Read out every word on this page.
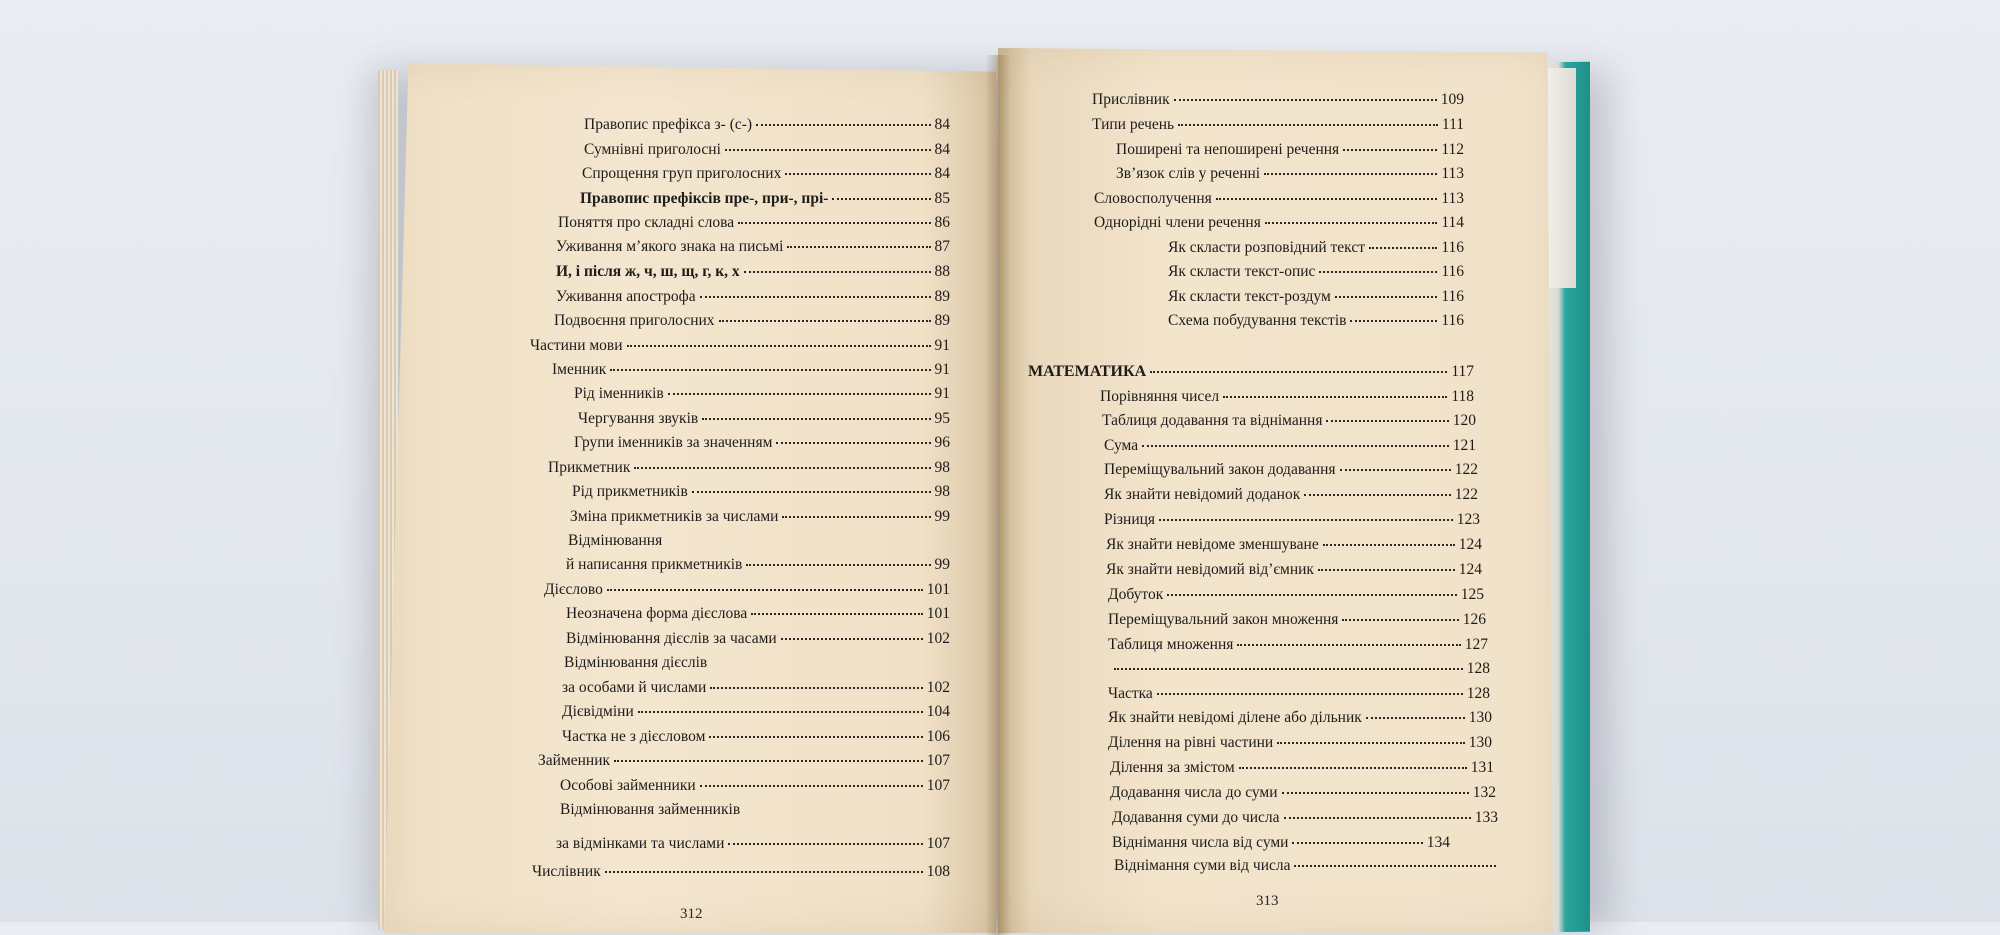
Правопис префікса з- (с-)	84
Сумнівні приголосні	84
Спрощення груп приголосних	84
Правопис префіксів пре-, при-, прі-	85
Поняття про складні слова	86
Уживання м’якого знака на письмі	87
И, і після ж, ч, ш, щ, г, к, х	88
Уживання апострофа	89
Подвоєння приголосних	89
Частини мови	91
Іменник	91
Рід іменників	91
Чергування звуків	95
Групи іменників за значенням	96
Прикметник	98
Рід прикметників	98
Зміна прикметників за числами	99
Відмінювання
й написання прикметників	99
Дієслово	101
Неозначена форма дієслова	101
Відмінювання дієслів за часами	102
Відмінювання дієслів
за особами й числами	102
Дієвідміни	104
Частка не з дієсловом	106
Займенник	107
Особові займенники	107
Відмінювання займенників
за відмінками та числами	107
Числівник	108
312
Прислівник	109
Типи речень	111
Поширені та непоширені речення	112
Зв’язок слів у реченні	113
Словосполучення	113
Однорідні члени речення	114
Як скласти розповідний текст	116
Як скласти текст-опис	116
Як скласти текст-роздум	116
Схема побудування текстів	116
МАТЕМАТИКА	117
Порівняння чисел	118
Таблиця додавання та віднімання	120
Сума	121
Переміщувальний закон додавання	122
Як знайти невідомий доданок	122
Різниця	123
Як знайти невідоме зменшуване	124
Як знайти невідомий від’ємник	124
Добуток	125
Переміщувальний закон множення	126
Таблиця множення	127
128
Частка	128
Як знайти невідомі ділене або дільник	130
Ділення на рівні частини	130
Ділення за змістом	131
Додавання числа до суми	132
Додавання суми до числа	133
Віднімання числа від суми	134
Віднімання суми від числа
313
